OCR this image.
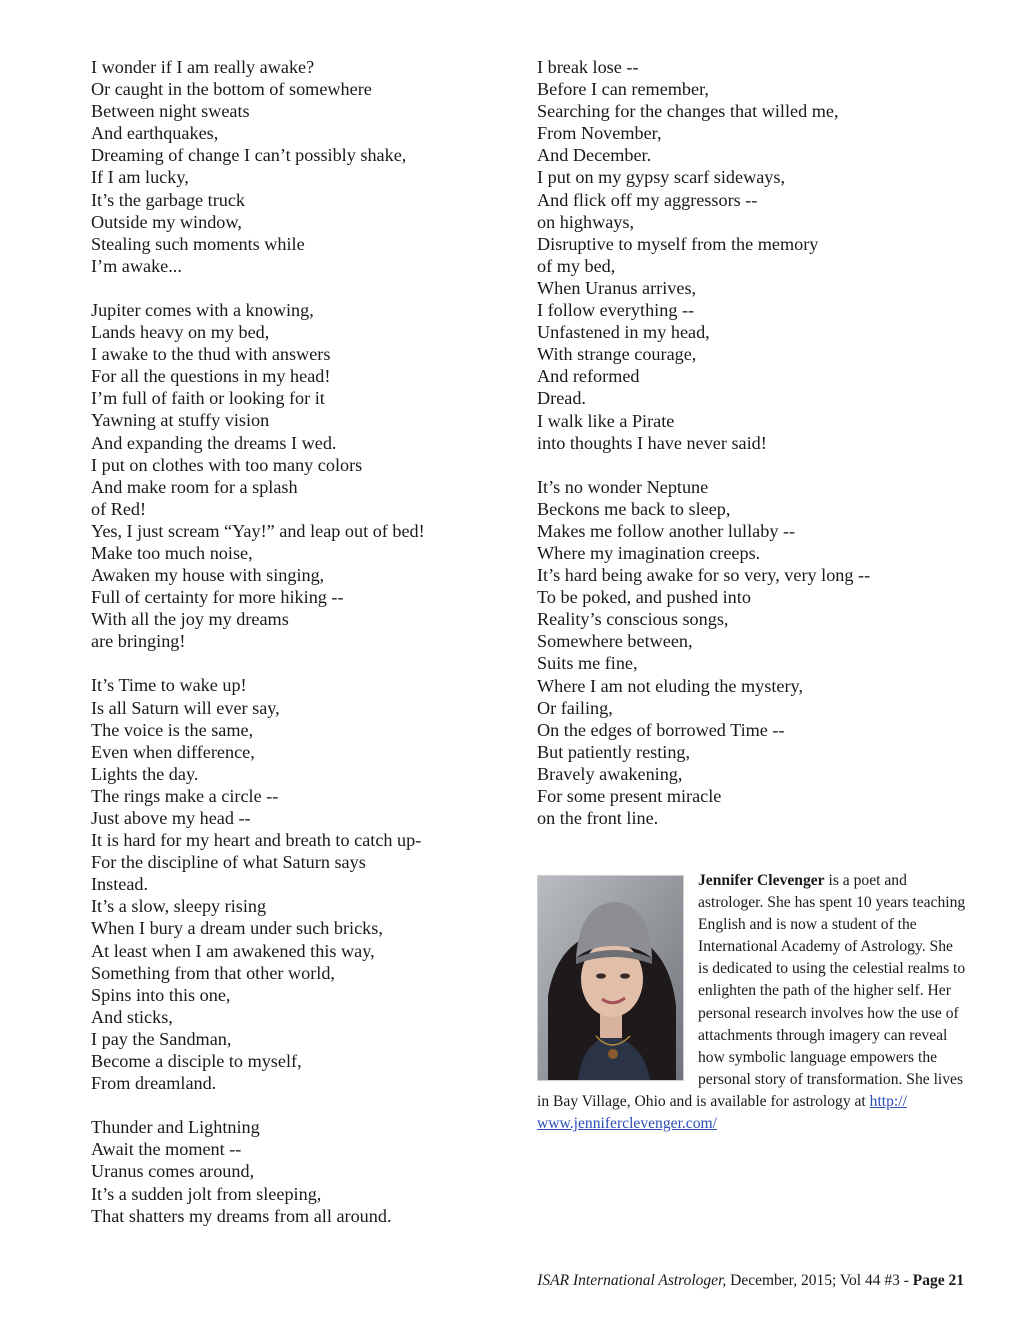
I wonder if I am really awake?
Or caught in the bottom of somewhere
Between night sweats
And earthquakes,
Dreaming of change I can’t possibly shake,
If I am lucky,
It’s the garbage truck
Outside my window,
Stealing such moments while
I’m awake...
Jupiter comes with a knowing,
Lands heavy on my bed,
I awake to the thud with answers
For all the questions in my head!
I’m full of faith or looking for it
Yawning at stuffy vision
And expanding the dreams I wed.
I put on clothes with too many colors
And make room for a splash
of Red!
Yes, I just scream “Yay!” and leap out of bed!
Make too much noise,
Awaken my house with singing,
Full of certainty for more hiking --
With all the joy my dreams
are bringing!
It’s Time to wake up!
Is all Saturn will ever say,
The voice is the same,
Even when difference,
Lights the day.
The rings make a circle --
Just above my head --
It is hard for my heart and breath to catch up-
For the discipline of what Saturn says
Instead.
It’s a slow, sleepy rising
When I bury a dream under such bricks,
At least when I am awakened this way,
Something from that other world,
Spins into this one,
And sticks,
I pay the Sandman,
Become a disciple to myself,
From dreamland.
Thunder and Lightning
Await the moment --
Uranus comes around,
It’s a sudden jolt from sleeping,
That shatters my dreams from all around.
I break lose --
Before I can remember,
Searching for the changes that willed me,
From November,
And December.
I put on my gypsy scarf sideways,
And flick off my aggressors --
on highways,
Disruptive to myself from the memory
of my bed,
When Uranus arrives,
I follow everything --
Unfastened in my head,
With strange courage,
And reformed
Dread.
I walk like a Pirate
into thoughts I have never said!
It’s no wonder Neptune
Beckons me back to sleep,
Makes me follow another lullaby --
Where my imagination creeps.
It’s hard being awake for so very, very long --
To be poked, and pushed into
Reality’s conscious songs,
Somewhere between,
Suits me fine,
Where I am not eluding the mystery,
Or failing,
On the edges of borrowed Time --
But patiently resting,
Bravely awakening,
For some present miracle
on the front line.
Jennifer Clevenger is a poet and astrologer. She has spent 10 years teaching English and is now a student of the International Academy of Astrology. She is dedicated to using the celestial realms to enlighten the path of the higher self. Her personal research involves how the use of attachments through imagery can reveal how symbolic language empowers the personal story of transformation. She lives in Bay Village, Ohio and is available for astrology at http:// www.jenniferclevenger.com/
ISAR International Astrologer, December, 2015; Vol 44 #3 - Page 21
